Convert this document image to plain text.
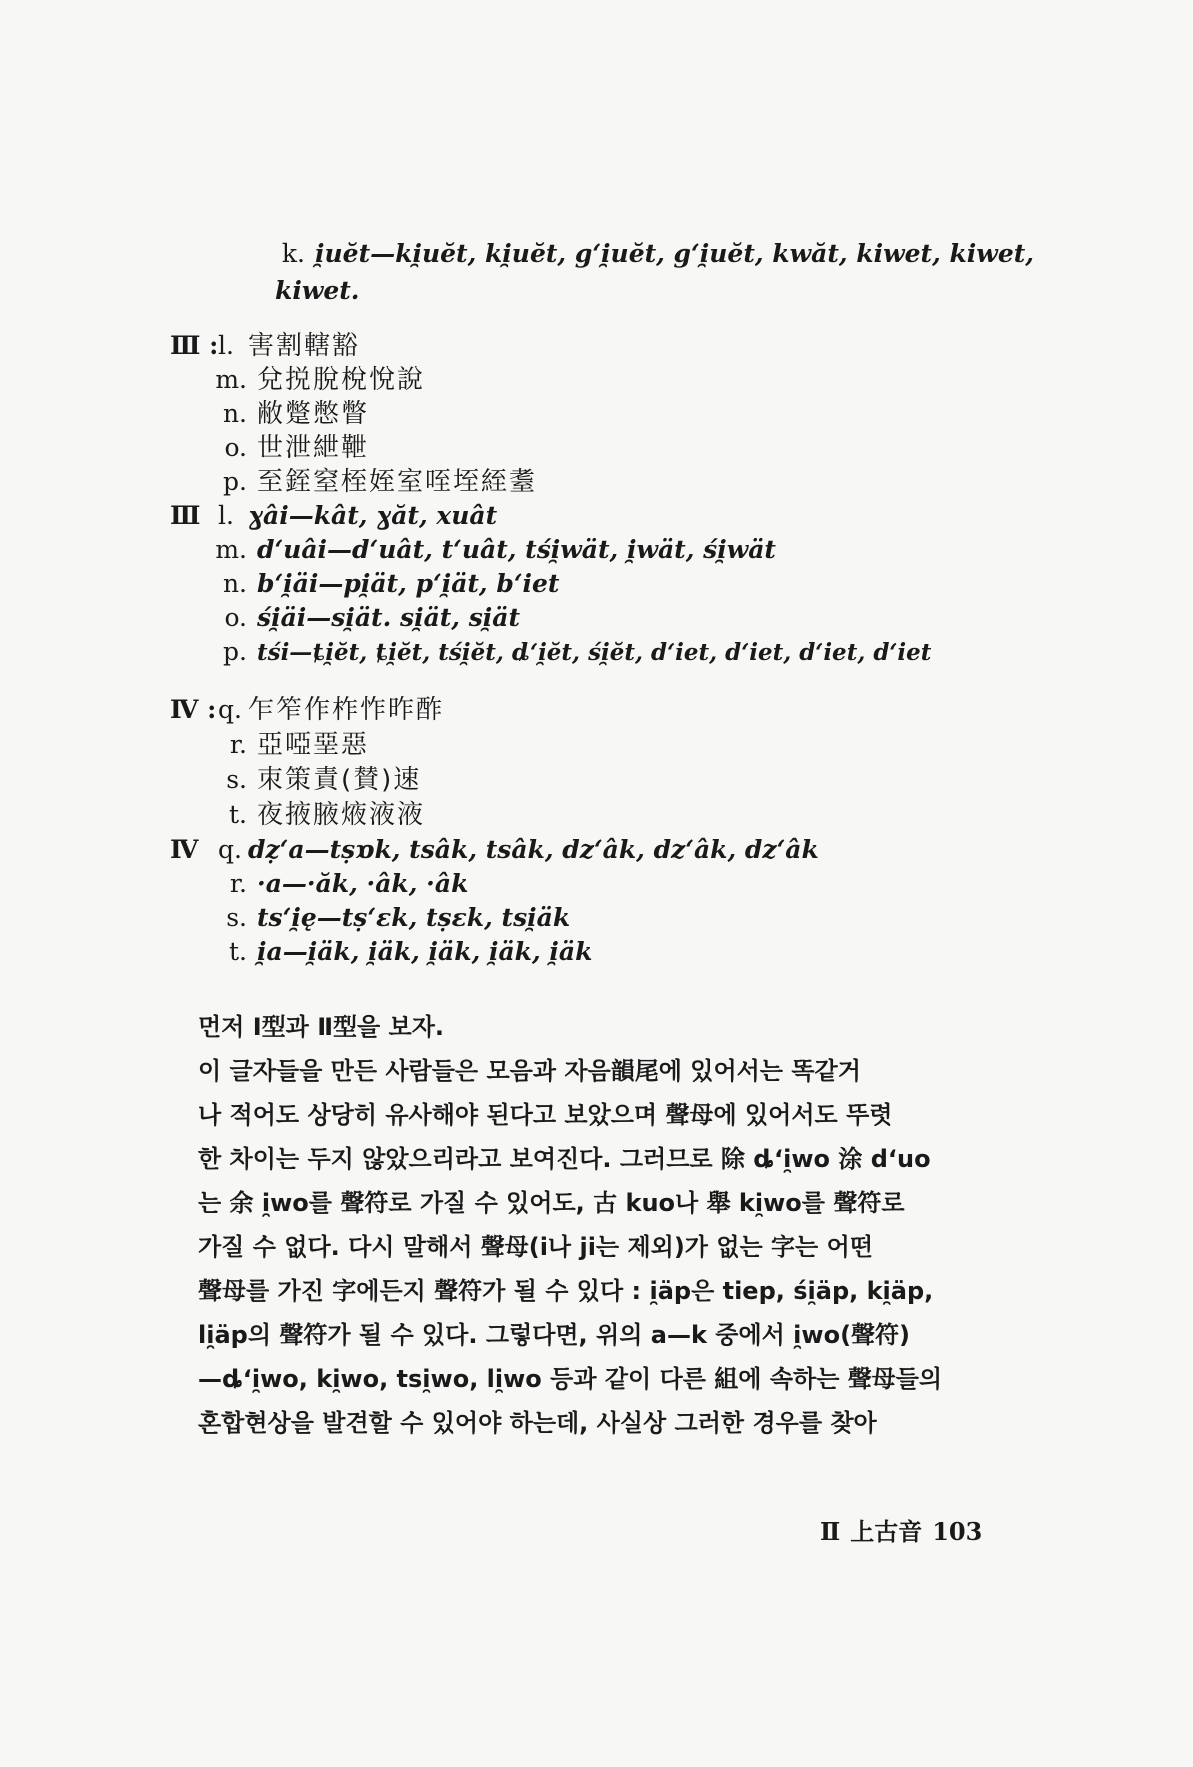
k. i̯uĕt—ki̯uĕt, ki̯uĕt, gʻi̯uĕt, gʻi̯uĕt, kwăt, kiwet, kiwet,
kiwet.
Ⅲ :l. 害割轄豁
m. 兌捝脫梲悅說
n. 敝蹩憋瞥
o. 世泄紲靾
p. 至銍窒桎姪室咥垤絰耋
Ⅲ l. ɣâi—kât, ɣăt, xuât
m. dʻuâi—dʻuât, tʻuât, tśi̯wät, i̯wät, śi̯wät
n. bʻi̯äi—pi̯ät, pʻi̯ät, bʻiet
o. śi̯äi—si̯ät. si̯ät, si̯ät
p. tśi—ȶi̯ĕt, ȶi̯ĕt, tśi̯ĕt, ȡʻi̯ĕt, śi̯ĕt, dʻiet, dʻiet, dʻiet, dʻiet
Ⅳ :q. 乍笮作柞怍昨酢
r. 亞啞堊惡
s. 朿策責(賛)速
t. 夜掖腋焲液液
Ⅳ q. dẓʻa—tṣɒk, tsâk, tsâk, dzʻâk, dzʻâk, dzʻâk
r. ·a—·ăk, ·âk, ·âk
s. tsʻi̯ę—tṣʻɛk, tṣɛk, tsi̯äk
t. i̯a—i̯äk, i̯äk, i̯äk, i̯äk, i̯äk
먼저 Ⅰ型과 Ⅱ型을 보자.
이 글자들을 만든 사람들은 모음과 자음韻尾에 있어서는 똑같거
나 적어도 상당히 유사해야 된다고 보았으며 聲母에 있어서도 뚜렷
한 차이는 두지 않았으리라고 보여진다. 그러므로 除 ȡʻi̯wo 涂 dʻuo
는 余 i̯wo를 聲符로 가질 수 있어도, 古 kuo나 舉 ki̯wo를 聲符로
가질 수 없다. 다시 말해서 聲母(i나 ji는 제외)가 없는 字는 어떤
聲母를 가진 字에든지 聲符가 될 수 있다 : i̯äp은 tiep, śi̯äp, ki̯äp,
li̯äp의 聲符가 될 수 있다. 그렇다면, 위의 a—k 중에서 i̯wo(聲符)
—ȡʻi̯wo, ki̯wo, tsi̯wo, li̯wo 등과 같이 다른 組에 속하는 聲母들의
혼합현상을 발견할 수 있어야 하는데, 사실상 그러한 경우를 찾아
Ⅱ 上古音 103
